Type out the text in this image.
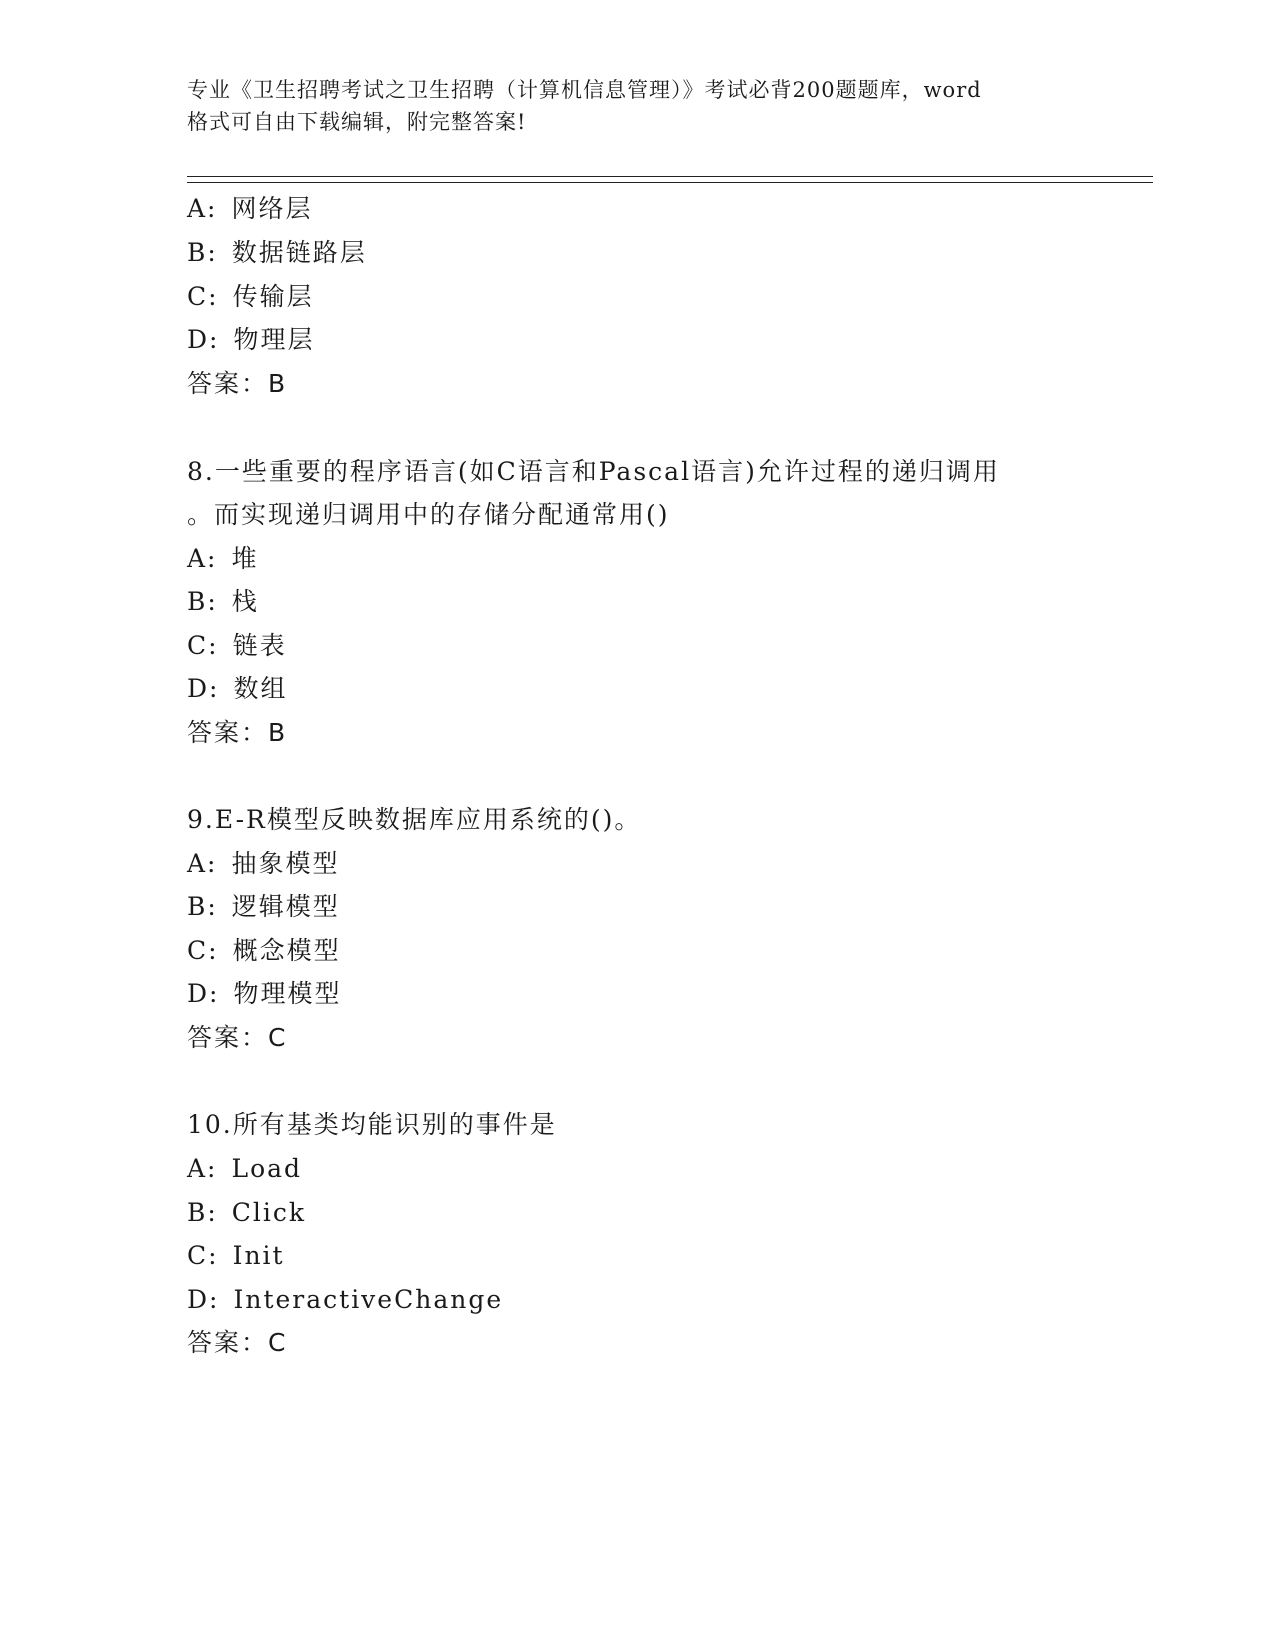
专业《卫生招聘考试之卫生招聘（计算机信息管理）》考试必背200题题库，word
格式可自由下载编辑，附完整答案!
A: 网络层
B: 数据链路层
C: 传输层
D: 物理层
答案：B
8.一些重要的程序语言(如C语言和Pascal语言)允许过程的递归调用
。而实现递归调用中的存储分配通常用()
A: 堆
B: 栈
C: 链表
D: 数组
答案：B
9.E-R模型反映数据库应用系统的()。
A: 抽象模型
B: 逻辑模型
C: 概念模型
D: 物理模型
答案：C
10.所有基类均能识别的事件是
A: Load
B: Click
C: Init
D: InteractiveChange
答案：C
